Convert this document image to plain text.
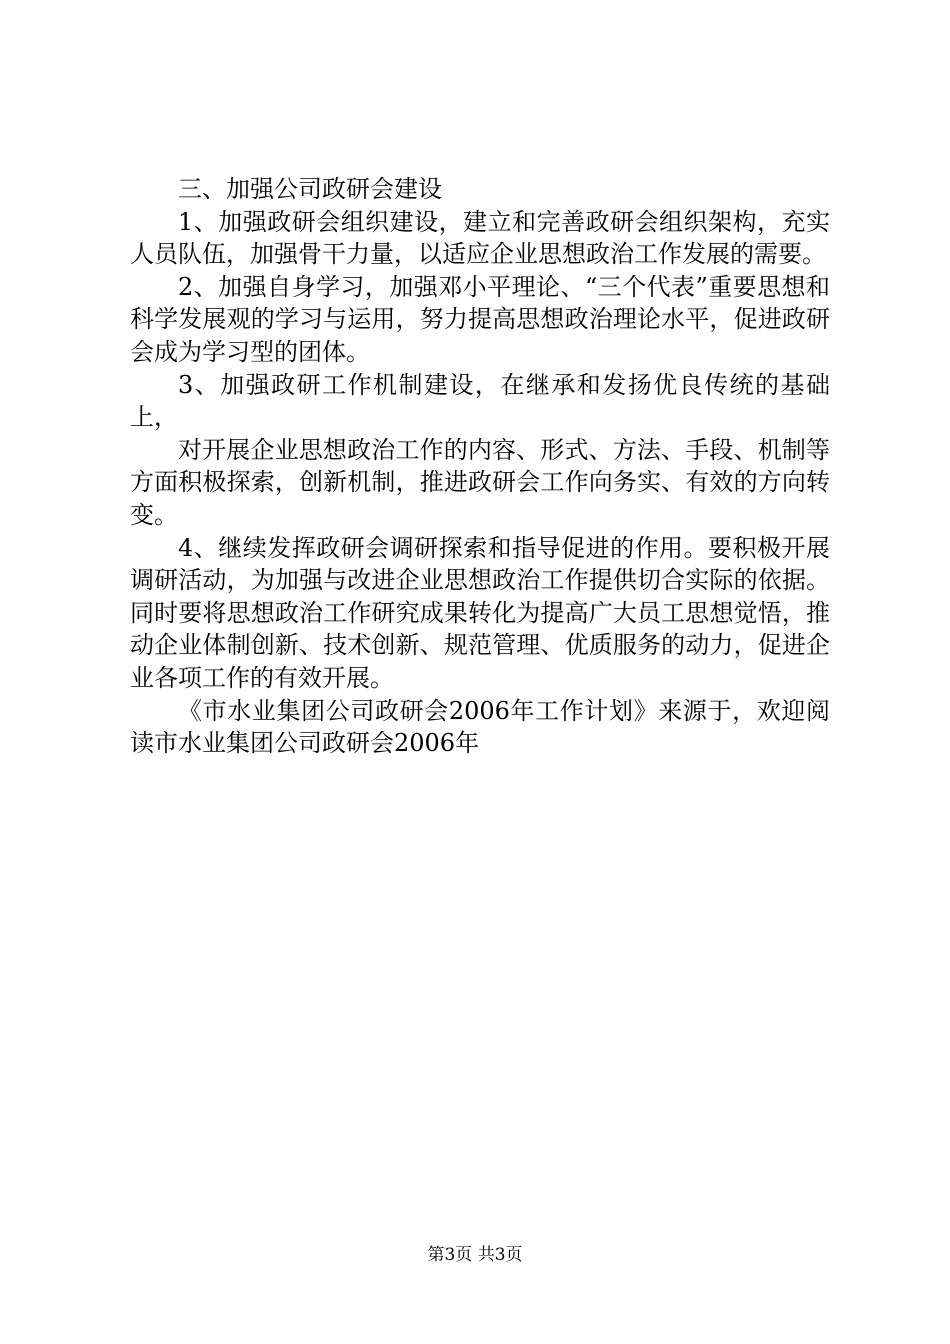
三、加强公司政研会建设

1、加强政研会组织建设，建立和完善政研会组织架构，充实人员队伍，加强骨干力量，以适应企业思想政治工作发展的需要。

2、加强自身学习，加强邓小平理论、“三个代表”重要思想和科学发展观的学习与运用，努力提高思想政治理论水平，促进政研会成为学习型的团体。

3、加强政研工作机制建设，在继承和发扬优良传统的基础上，

对开展企业思想政治工作的内容、形式、方法、手段、机制等方面积极探索，创新机制，推进政研会工作向务实、有效的方向转变。

4、继续发挥政研会调研探索和指导促进的作用。要积极开展调研活动，为加强与改进企业思想政治工作提供切合实际的依据。同时要将思想政治工作研究成果转化为提高广大员工思想觉悟，推动企业体制创新、技术创新、规范管理、优质服务的动力，促进企业各项工作的有效开展。

《市水业集团公司政研会2006年工作计划》来源于，欢迎阅读市水业集团公司政研会2006年

第3页 共3页
